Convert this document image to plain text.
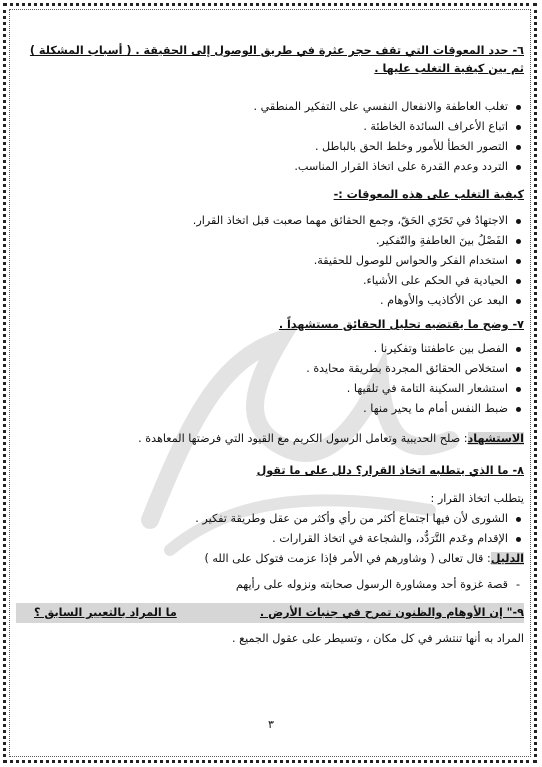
٦- حدد المعوقات التي تقف حجر عثرة في طريق الوصول إلى الحقيقة . ( أسباب المشكلة )
ثم بين كيفية التغلب عليها .
تغلب العاطفة والانفعال النفسي على التفكير المنطقي .
اتباع الأعراف السائدة الخاطئة .
التصور الخطأ للأمور وخلط الحق بالباطل .
التردد وعدم القدرة على اتخاذ القرار المناسب.
كيفية التغلب على هذه المعوقات :-
الاجتهادُ في تَحَرّي الحَقّ، وجمع الحقائق مهما صعبت قبل اتخاذ القرار.
الفَصْلُ بينَ العاطفةِ والتّفكير.
استخدام الفكر والحواس للوصول للحقيقة.
الحيادية في الحكم على الأشياء.
البعد عن الأكاذيب والأوهام .
٧- وضح ما يقتضيه تحليل الحقائق مستشهداً .
الفصل بين عاطفتنا وتفكيرنا .
استخلاص الحقائق المجردة بطريقة محايدة .
استشعار السكينة التامة في تلقيها .
ضبط النفس أمام ما يحير منها .
الاستشهاد: صلح الحديبية وتعامل الرسول الكريم مع القيود التي فرضتها المعاهدة .
٨- ما الذي يتطلبه اتخاذ القرار؟ دلل على ما تقول
يتطلب اتخاذ القرار :
الشورى لأن فيها اجتماع أكثر من رأي وأكثر من عقل وطريقة تفكير .
الإقدام وعَدم التَّرَدُّد، والشجاعة في اتخاذ القرارات .
الدليل: قال تعالى ( وشاورهم في الأمر فإذا عزمت فتوكل على الله )
- قصة غزوة أحد ومشاورة الرسول صحابته ونزوله على رأيهم
٩-" إن الأوهام والظنون تمرح في جنبات الأرض .
ما المراد بالتعبير السابق ؟
المراد به أنها تنتشر في كل مكان ، وتسيطر على عقول الجميع .
٣
